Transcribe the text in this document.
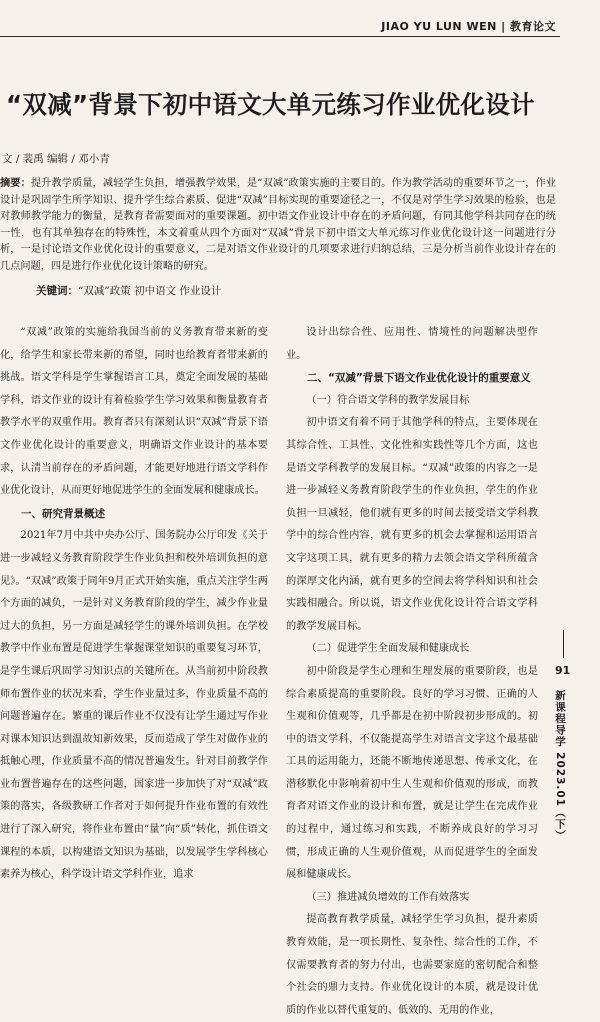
JIAO YU LUN WEN | 教育论文
“双减”背景下初中语文大单元练习作业优化设计
文 / 裴禹 编辑 / 邓小青
摘要：提升教学质量，减轻学生负担，增强教学效果，是“双减”政策实施的主要目的。作为教学活动的重要环节之一，作业设计是巩固学生所学知识、提升学生综合素质、促进“双减”目标实现的重要途径之一，不仅是对学生学习效果的检验，也是对教师教学能力的衡量，是教育者需要面对的重要课题。初中语文作业设计中存在的矛盾问题，有同其他学科共同存在的统一性，也有其单独存在的特殊性，本文着重从四个方面对“双减”背景下初中语文大单元练习作业优化设计这一问题进行分析，一是讨论语文作业优化设计的重要意义，二是对语文作业设计的几项要求进行归纳总结，三是分析当前作业设计存在的几点问题，四是进行作业优化设计策略的研究。
关键词：“双减”政策 初中语文 作业设计

“双减”政策的实施给我国当前的义务教育带来新的变化，给学生和家长带来新的希望，同时也给教育者带来新的挑战。语文学科是学生掌握语言工具，奠定全面发展的基础学科，语文作业的设计有着检验学生学习效果和衡量教育者教学水平的双重作用。教育者只有深刻认识“双减”背景下语文作业优化设计的重要意义，明确语文作业设计的基本要求，认清当前存在的矛盾问题，才能更好地进行语文学科作业优化设计，从而更好地促进学生的全面发展和健康成长。

一、研究背景概述

2021年7月中共中央办公厅、国务院办公厅印发《关于进一步减轻义务教育阶段学生作业负担和校外培训负担的意见》。“双减”政策于同年9月正式开始实施，重点关注学生两个方面的减负，一是针对义务教育阶段的学生，减少作业量过大的负担，另一方面是减轻学生的课外培训负担。在学校教学中作业布置是促进学生掌握课堂知识的重要复习环节，是学生课后巩固学习知识点的关键所在。从当前初中阶段教师布置作业的状况来看，学生作业量过多，作业质量不高的问题普遍存在。繁重的课后作业不仅没有让学生通过写作业对课本知识达到温故知新效果，反而造成了学生对做作业的抵触心理，作业质量不高的情况普遍发生。针对目前教学作业布置普遍存在的这些问题，国家进一步加快了对“双减”政策的落实，各级教研工作者对于如何提升作业布置的有效性进行了深入研究，将作业布置由“量”向“质”转化，抓住语文课程的本质，以构建语文知识为基础，以发展学生学科核心素养为核心，科学设计语文学科作业，追求

设计出综合性、应用性、情境性的问题解决型作业。

二、“双减”背景下语文作业优化设计的重要意义
（一）符合语文学科的教学发展目标

初中语文有着不同于其他学科的特点，主要体现在其综合性、工具性、文化性和实践性等几个方面，这也是语文学科教学的发展目标。“双减”政策的内容之一是进一步减轻义务教育阶段学生的作业负担，学生的作业负担一旦减轻，他们就有更多的时间去接受语文学科教学中的综合性内容，就有更多的机会去掌握和运用语言文字这项工具，就有更多的精力去领会语文学科所蕴含的深厚文化内涵，就有更多的空间去将学科知识和社会实践相融合。所以说，语文作业优化设计符合语文学科的教学发展目标。

（二）促进学生全面发展和健康成长

初中阶段是学生心理和生理发展的重要阶段，也是综合素质提高的重要阶段。良好的学习习惯、正确的人生观和价值观等，几乎都是在初中阶段初步形成的。初中的语文学科，不仅能提高学生对语言文字这个最基础工具的运用能力，还能不断地传递思想、传承文化，在潜移默化中影响着初中生人生观和价值观的形成，而教育者对语文作业的设计和布置，就是让学生在完成作业的过程中，通过练习和实践，不断养成良好的学习习惯，形成正确的人生观价值观，从而促进学生的全面发展和健康成长。

（三）推进减负增效的工作有效落实

提高教育教学质量，减轻学生学习负担，提升素质教育效能，是一项长期性、复杂性、综合性的工作，不仅需要教育者的努力付出，也需要家庭的密切配合和整个社会的鼎力支持。作业优化设计的本质，就是设计优质的作业以替代重复的、低效的、无用的作业，

91
新课程导学 2023.01（下）
